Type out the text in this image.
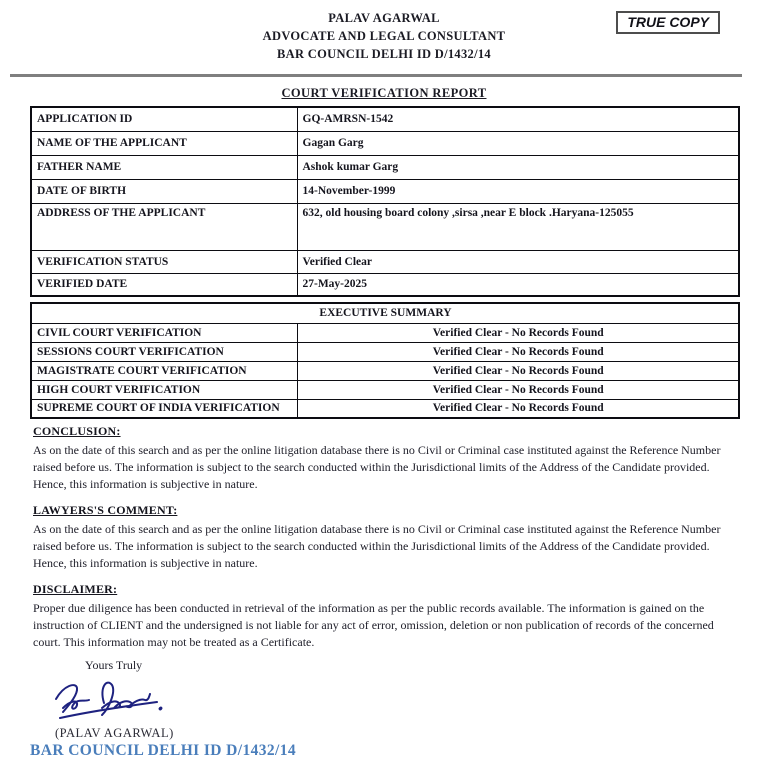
PALAV AGARWAL
ADVOCATE AND LEGAL CONSULTANT
BAR COUNCIL DELHI ID D/1432/14
TRUE COPY
COURT VERIFICATION REPORT
APPLICATION ID	GQ-AMRSN-1542
NAME OF THE APPLICANT	Gagan Garg
FATHER NAME	Ashok kumar Garg
DATE OF BIRTH	14-November-1999
ADDRESS OF THE APPLICANT	632, old housing board colony ,sirsa ,near E block .Haryana-125055
VERIFICATION STATUS	Verified Clear
VERIFIED DATE	27-May-2025
EXECUTIVE SUMMARY	
CIVIL COURT VERIFICATION	Verified Clear - No Records Found
SESSIONS COURT VERIFICATION	Verified Clear - No Records Found
MAGISTRATE COURT VERIFICATION	Verified Clear - No Records Found
HIGH COURT VERIFICATION	Verified Clear - No Records Found
SUPREME COURT OF INDIA VERIFICATION	Verified Clear - No Records Found
CONCLUSION:
As on the date of this search and as per the online litigation database there is no Civil or Criminal case instituted against the Reference Number raised before us. The information is subject to the search conducted within the Jurisdictional limits of the Address of the Candidate provided. Hence, this information is subjective in nature.
LAWYERS'S COMMENT:
As on the date of this search and as per the online litigation database there is no Civil or Criminal case instituted against the Reference Number raised before us. The information is subject to the search conducted within the Jurisdictional limits of the Address of the Candidate provided. Hence, this information is subjective in nature.
DISCLAIMER:
Proper due diligence has been conducted in retrieval of the information as per the public records available. The information is gained on the instruction of CLIENT and the undersigned is not liable for any act of error, omission, deletion or non publication of records of the concerned court. This information may not be treated as a Certificate.
Yours Truly
(PALAV AGARWAL)
BAR COUNCIL DELHI ID D/1432/14
